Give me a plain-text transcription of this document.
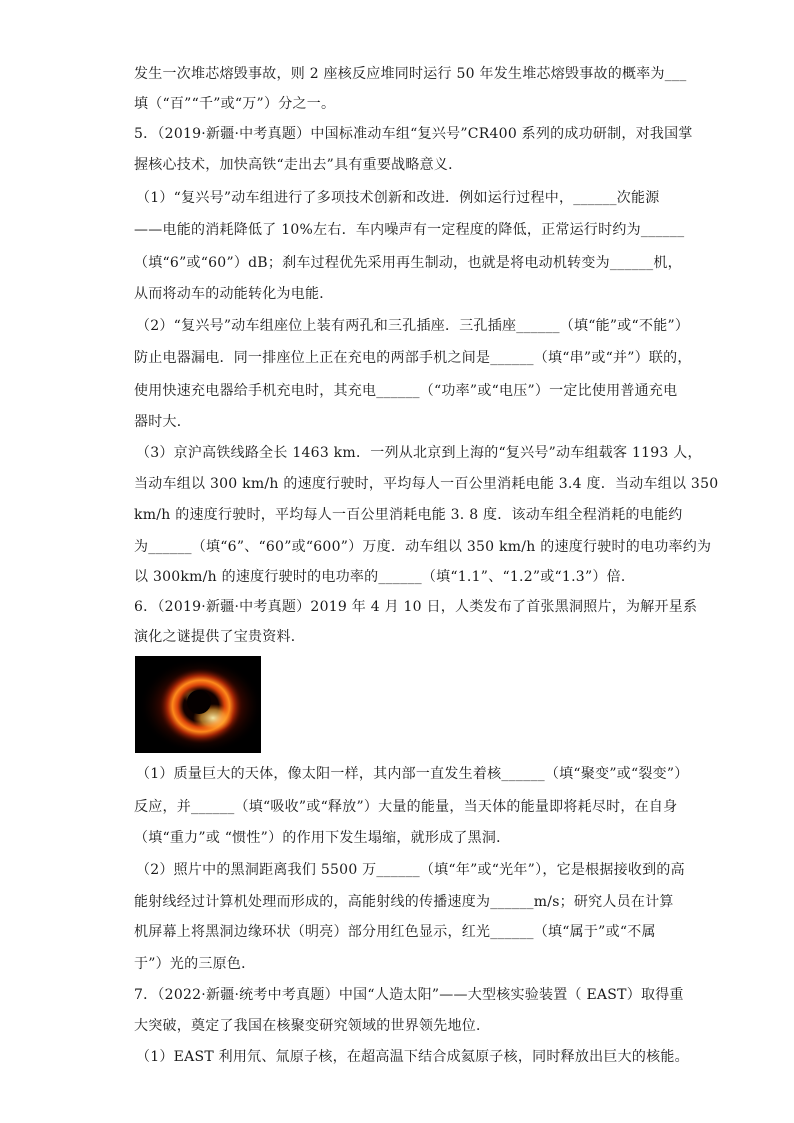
发生一次堆芯熔毁事故，则 2 座核反应堆同时运行 50 年发生堆芯熔毁事故的概率为___
填（“百”“千”或“万”）分之一。
5．（2019·新疆·中考真题）中国标准动车组“复兴号”CR400 系列的成功研制，对我国掌
握核心技术，加快高铁“走出去”具有重要战略意义．
（1）“复兴号”动车组进行了多项技术创新和改进．例如运行过程中，______次能源
——电能的消耗降低了 10%左右．车内噪声有一定程度的降低，正常运行时约为______
（填“6”或“60”）dB；刹车过程优先采用再生制动，也就是将电动机转变为______机，
从而将动车的动能转化为电能．
（2）“复兴号”动车组座位上装有两孔和三孔插座．三孔插座______（填“能”或“不能”）
防止电器漏电．同一排座位上正在充电的两部手机之间是______（填“串”或“并”）联的，
使用快速充电器给手机充电时，其充电______（“功率”或“电压”）一定比使用普通充电
器时大．
（3）京沪高铁线路全长 1463 km．一列从北京到上海的“复兴号”动车组载客 1193 人，
当动车组以 300 km/h 的速度行驶时，平均每人一百公里消耗电能 3.4 度．当动车组以 350
km/h 的速度行驶时，平均每人一百公里消耗电能 3. 8 度．该动车组全程消耗的电能约
为______（填“6”、“60”或“600”）万度．动车组以 350 km/h 的速度行驶时的电功率约为
以 300km/h 的速度行驶时的电功率的______（填“1.1”、“1.2”或“1.3”）倍．
6．（2019·新疆·中考真题）2019 年 4 月 10 日，人类发布了首张黑洞照片，为解开星系
演化之谜提供了宝贵资料．
（1）质量巨大的天体，像太阳一样，其内部一直发生着核______（填“聚变”或“裂变”）
反应，并______（填“吸收”或“释放”）大量的能量，当天体的能量即将耗尽时，在自身
（填“重力”或 “惯性”）的作用下发生塌缩，就形成了黑洞．
（2）照片中的黑洞距离我们 5500 万______（填“年”或“光年”），它是根据接收到的高
能射线经过计算机处理而形成的，高能射线的传播速度为______m/s；研究人员在计算
机屏幕上将黑洞边缘环状（明亮）部分用红色显示，红光______（填“属于”或“不属
于”）光的三原色．
7．（2022·新疆·统考中考真题）中国“人造太阳”——大型核实验装置（ EAST）取得重
大突破，奠定了我国在核聚变研究领域的世界领先地位．
（1）EAST 利用氘、氚原子核，在超高温下结合成氦原子核，同时释放出巨大的核能。
